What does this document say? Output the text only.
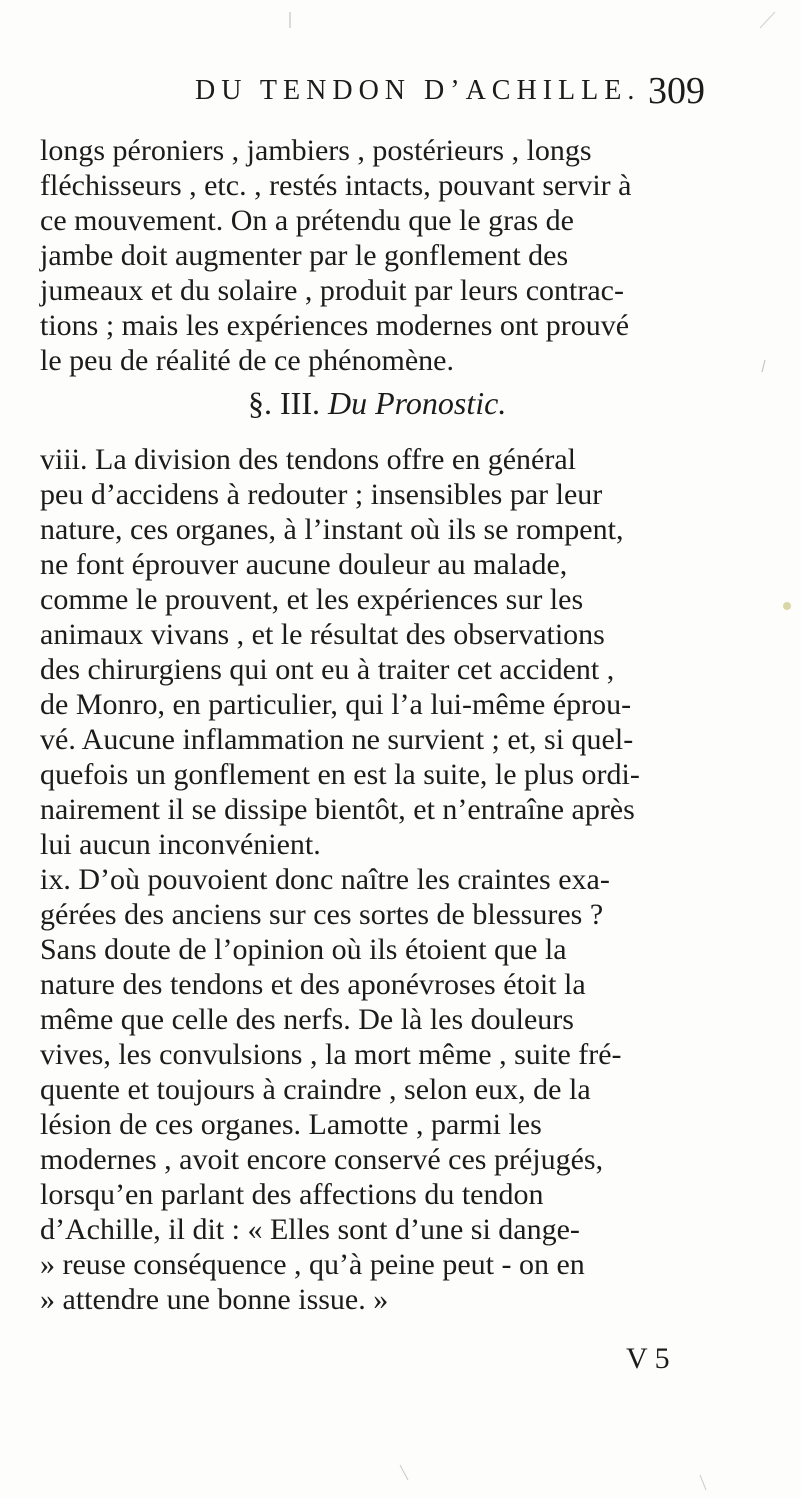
DU TENDON D’ACHILLE. 309
longs péroniers , jambiers , postérieurs , longs
fléchisseurs , etc. , restés intacts, pouvant servir à
ce mouvement. On a prétendu que le gras de
jambe doit augmenter par le gonflement des
jumeaux et du solaire , produit par leurs contrac-
tions ; mais les expériences modernes ont prouvé
le peu de réalité de ce phénomène.
§. III. Du Pronostic.
viii. La division des tendons offre en général
peu d’accidens à redouter ; insensibles par leur
nature, ces organes, à l’instant où ils se rompent,
ne font éprouver aucune douleur au malade,
comme le prouvent, et les expériences sur les
animaux vivans , et le résultat des observations
des chirurgiens qui ont eu à traiter cet accident ,
de Monro, en particulier, qui l’a lui-même éprou-
vé. Aucune inflammation ne survient ; et, si quel-
quefois un gonflement en est la suite, le plus ordi-
nairement il se dissipe bientôt, et n’entraîne après
lui aucun inconvénient.
ix. D’où pouvoient donc naître les craintes exa-
gérées des anciens sur ces sortes de blessures ?
Sans doute de l’opinion où ils étoient que la
nature des tendons et des aponévroses étoit la
même que celle des nerfs. De là les douleurs
vives, les convulsions , la mort même , suite fré-
quente et toujours à craindre , selon eux, de la
lésion de ces organes. Lamotte , parmi les
modernes , avoit encore conservé ces préjugés,
lorsqu’en parlant des affections du tendon
d’Achille, il dit : « Elles sont d’une si dange-
» reuse conséquence , qu’à peine peut - on en
» attendre une bonne issue. »
V 5
